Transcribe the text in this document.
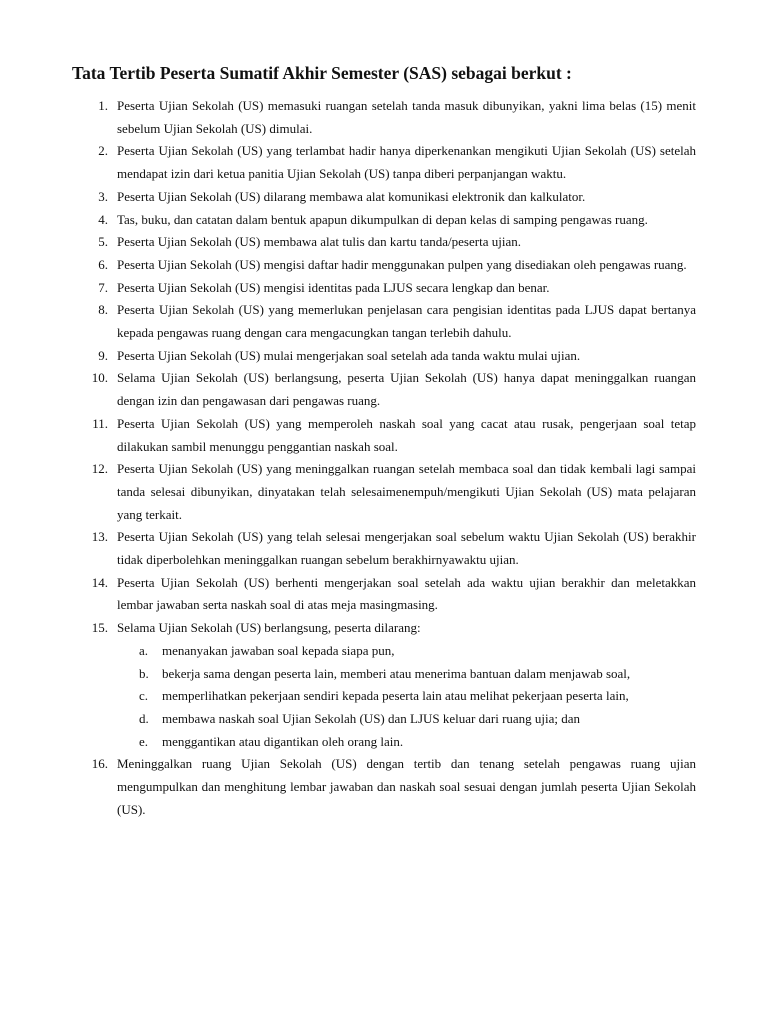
Tata Tertib Peserta Sumatif Akhir Semester (SAS) sebagai berkut :
1. Peserta Ujian Sekolah (US) memasuki ruangan setelah tanda masuk dibunyikan, yakni lima belas (15) menit sebelum Ujian Sekolah (US) dimulai.
2. Peserta Ujian Sekolah (US) yang terlambat hadir hanya diperkenankan mengikuti Ujian Sekolah (US) setelah mendapat izin dari ketua panitia Ujian Sekolah (US) tanpa diberi perpanjangan waktu.
3. Peserta Ujian Sekolah (US) dilarang membawa alat komunikasi elektronik dan kalkulator.
4. Tas, buku, dan catatan dalam bentuk apapun dikumpulkan di depan kelas di samping pengawas ruang.
5. Peserta Ujian Sekolah (US) membawa alat tulis dan kartu tanda/peserta ujian.
6. Peserta Ujian Sekolah (US) mengisi daftar hadir menggunakan pulpen yang disediakan oleh pengawas ruang.
7. Peserta Ujian Sekolah (US) mengisi identitas pada LJUS secara lengkap dan benar.
8. Peserta Ujian Sekolah (US) yang memerlukan penjelasan cara pengisian identitas pada LJUS dapat bertanya kepada pengawas ruang dengan cara mengacungkan tangan terlebih dahulu.
9. Peserta Ujian Sekolah (US) mulai mengerjakan soal setelah ada tanda waktu mulai ujian.
10. Selama Ujian Sekolah (US) berlangsung, peserta Ujian Sekolah (US) hanya dapat meninggalkan ruangan dengan izin dan pengawasan dari pengawas ruang.
11. Peserta Ujian Sekolah (US) yang memperoleh naskah soal yang cacat atau rusak, pengerjaan soal tetap dilakukan sambil menunggu penggantian naskah soal.
12. Peserta Ujian Sekolah (US) yang meninggalkan ruangan setelah membaca soal dan tidak kembali lagi sampai tanda selesai dibunyikan, dinyatakan telah selesaimenempuh/mengikuti Ujian Sekolah (US) mata pelajaran yang terkait.
13. Peserta Ujian Sekolah (US) yang telah selesai mengerjakan soal sebelum waktu Ujian Sekolah (US) berakhir tidak diperbolehkan meninggalkan ruangan sebelum berakhirnyawaktu ujian.
14. Peserta Ujian Sekolah (US) berhenti mengerjakan soal setelah ada waktu ujian berakhir dan meletakkan lembar jawaban serta naskah soal di atas meja masingmasing.
15. Selama Ujian Sekolah (US) berlangsung, peserta dilarang:
a. menanyakan jawaban soal kepada siapa pun,
b. bekerja sama dengan peserta lain, memberi atau menerima bantuan dalam menjawab soal,
c. memperlihatkan pekerjaan sendiri kepada peserta lain atau melihat pekerjaan peserta lain,
d. membawa naskah soal Ujian Sekolah (US) dan LJUS keluar dari ruang ujia; dan
e. menggantikan atau digantikan oleh orang lain.
16. Meninggalkan ruang Ujian Sekolah (US) dengan tertib dan tenang setelah pengawas ruang ujian mengumpulkan dan menghitung lembar jawaban dan naskah soal sesuai dengan jumlah peserta Ujian Sekolah (US).
